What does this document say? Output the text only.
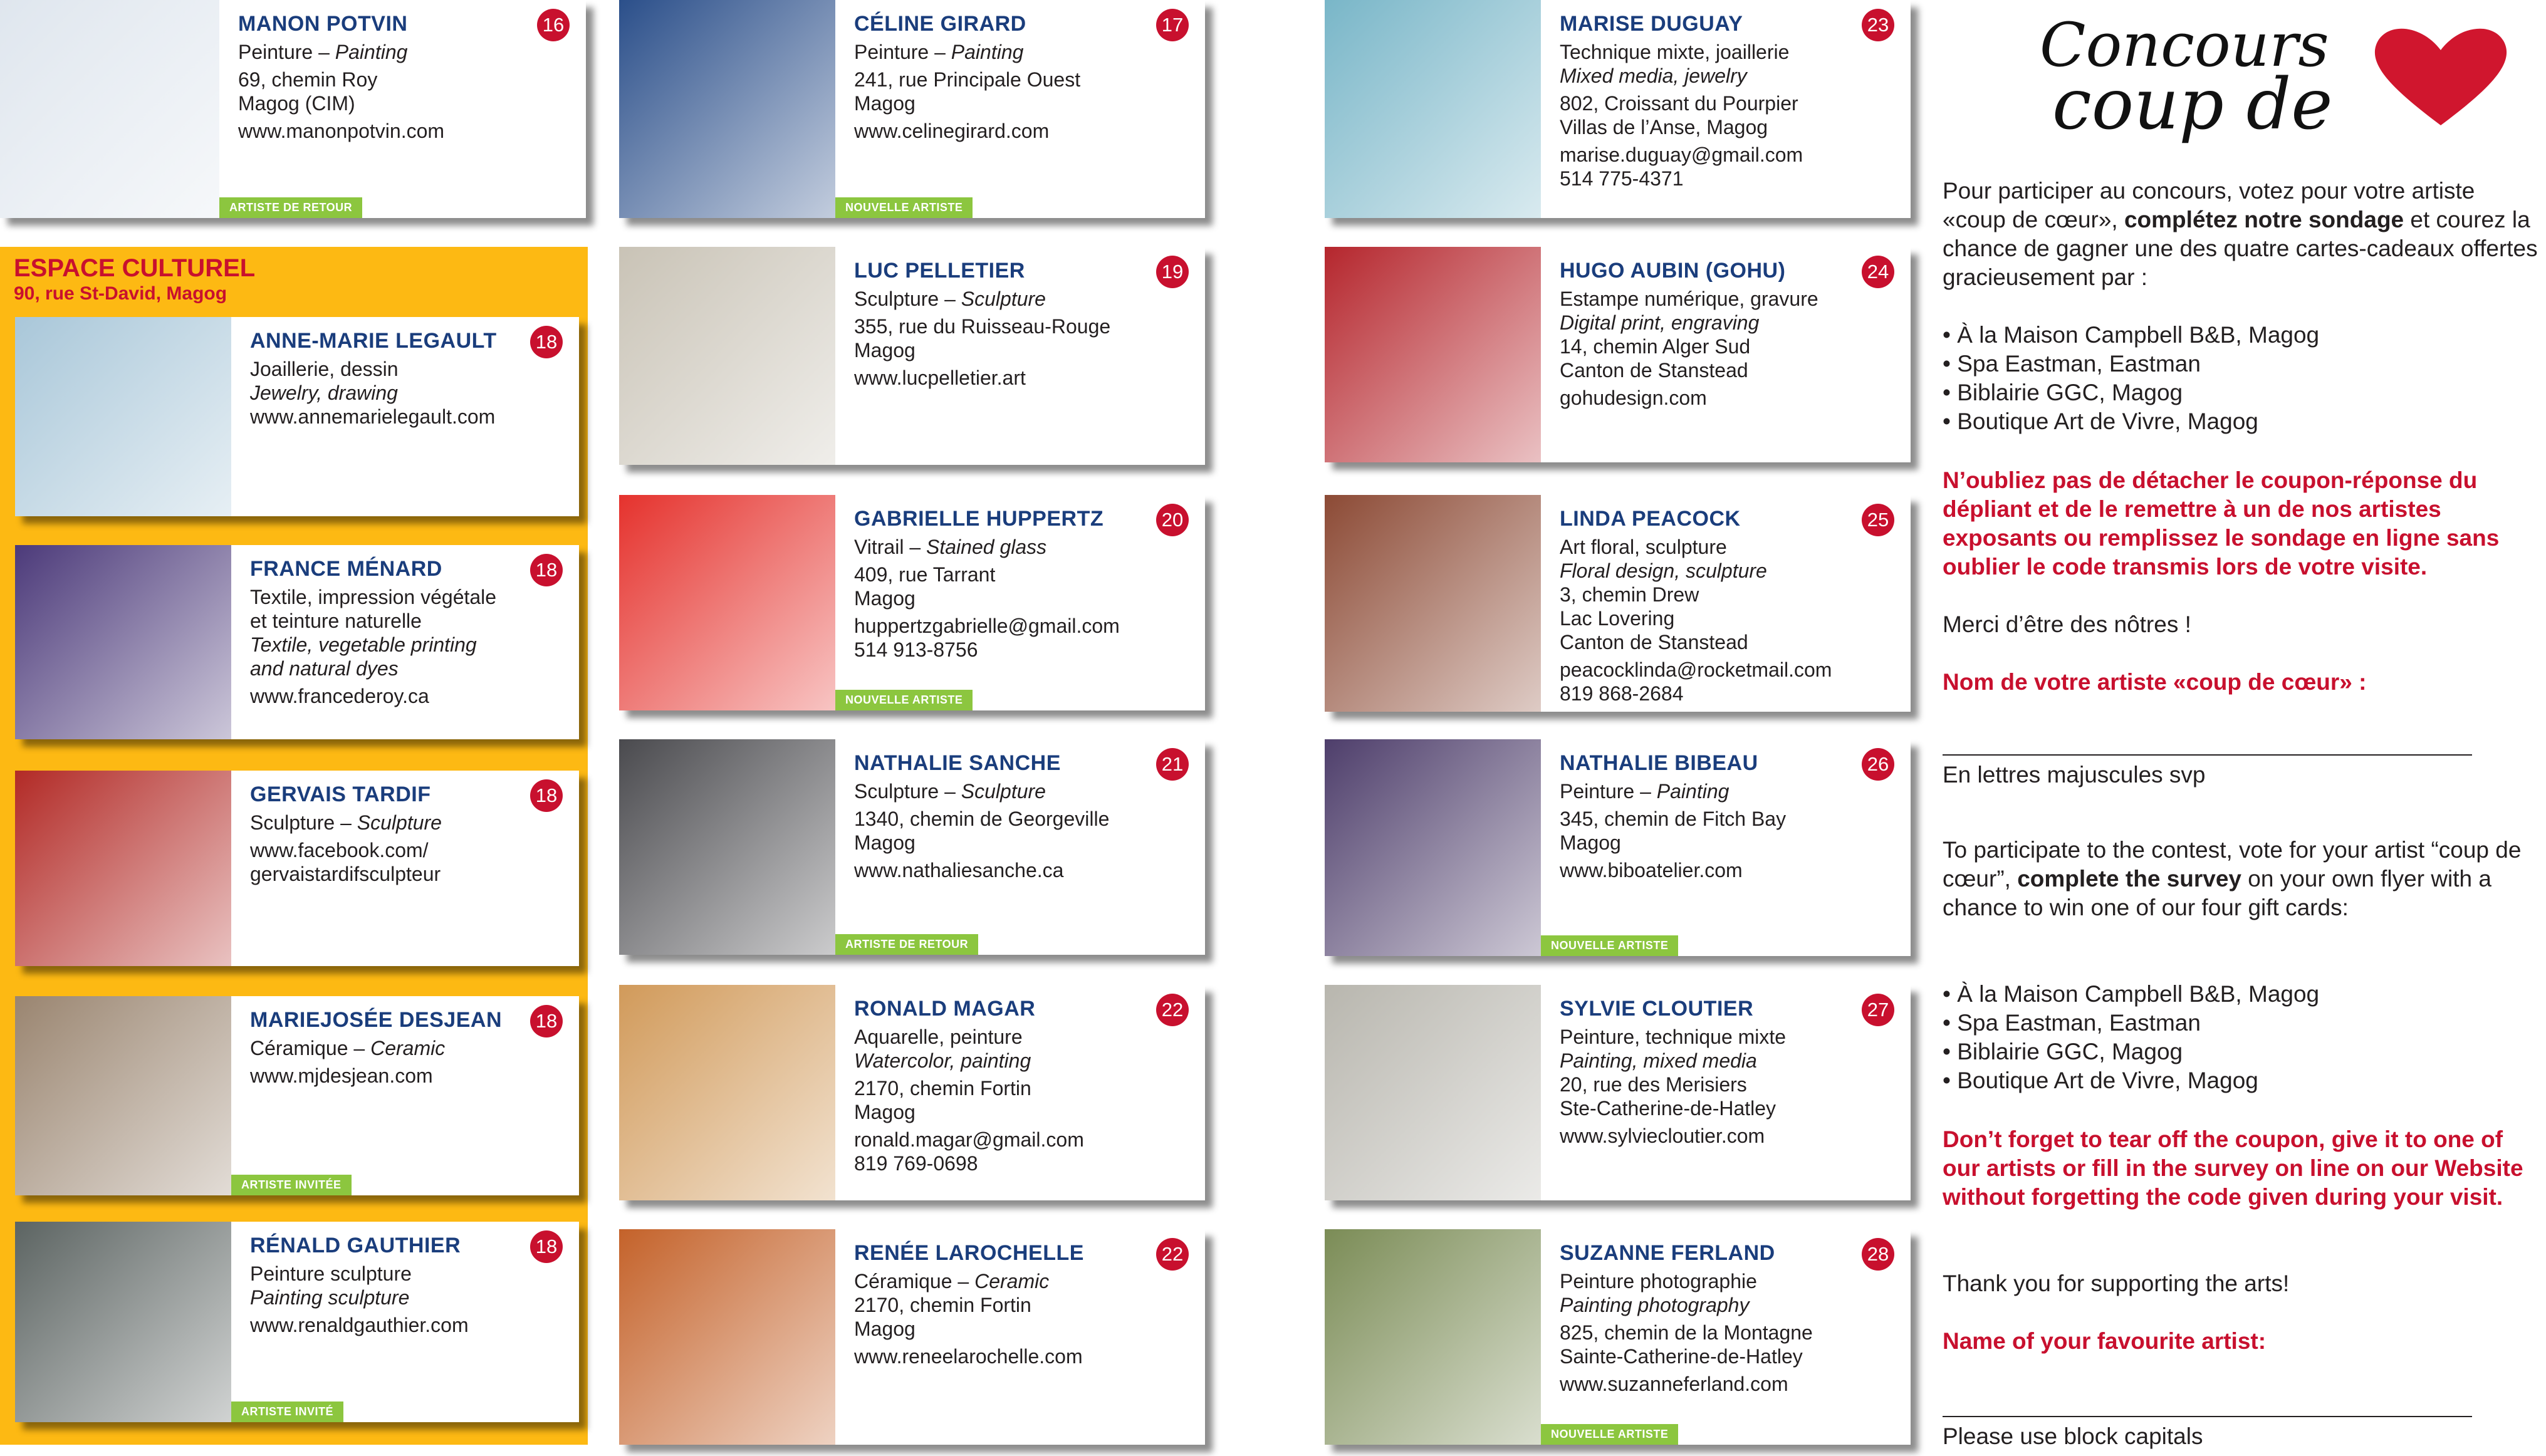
ESPACE CULTUREL
90, rue St-David, Magog
MANON POTVIN
Peinture – Painting
69, chemin Roy
Magog (CIM)
www.manonpotvin.com
16
ARTISTE DE RETOUR
CÉLINE GIRARD
Peinture – Painting
241, rue Principale Ouest
Magog
www.celinegirard.com
17
NOUVELLE ARTISTE
MARISE DUGUAY
Technique mixte, joaillerie
Mixed media, jewelry
802, Croissant du Pourpier
Villas de l’Anse, Magog
marise.duguay@gmail.com
514 775-4371
23
ANNE-MARIE LEGAULT
Joaillerie, dessin
Jewelry, drawing
www.annemarielegault.com
18
LUC PELLETIER
Sculpture – Sculpture
355, rue du Ruisseau-Rouge
Magog
www.lucpelletier.art
19	HUGO AUBIN (GOHU)
Estampe numérique, gravure
Digital print, engraving
14, chemin Alger Sud
Canton de Stanstead
gohudesign.com
24
LINDA PEACOCK
Art floral, sculpture
Floral design, sculpture
3, chemin Drew
Lac Lovering
Canton de Stanstead
peacocklinda@rocketmail.com
819 868-2684
25
FRANCE MÉNARD
Textile, impression végétale
et teinture naturelle
Textile, vegetable printing
and natural dyes
www.francederoy.ca
18
GABRIELLE HUPPERTZ
Vitrail – Stained glass
409, rue Tarrant
Magog
huppertzgabrielle@gmail.com
514 913-8756
20
NOUVELLE ARTISTE
NATHALIE SANCHE
Sculpture – Sculpture
1340, chemin de Georgeville
Magog
www.nathaliesanche.ca
21
ARTISTE DE RETOUR
NATHALIE BIBEAU
Peinture – Painting
345, chemin de Fitch Bay
Magog
www.biboatelier.com
26
NOUVELLE ARTISTE
GERVAIS TARDIF
Sculpture – Sculpture
www.facebook.com/
gervaistardifsculpteur
18
RONALD MAGAR
Aquarelle, peinture
Watercolor, painting
2170, chemin Fortin
Magog
ronald.magar@gmail.com
819 769-0698
22	SYLVIE CLOUTIER
Peinture, technique mixte
Painting, mixed media
20, rue des Merisiers
Ste-Catherine-de-Hatley
www.sylviecloutier.com
27
MARIEJOSÉE DESJEAN
Céramique – Ceramic
www.mjdesjean.com
18
ARTISTE INVITÉE
RENÉE LAROCHELLE
Céramique – Ceramic
2170, chemin Fortin
Magog
www.reneelarochelle.com
22	SUZANNE FERLAND
Peinture photographie
Painting photography
825, chemin de la Montagne
Sainte-Catherine-de-Hatley
www.suzanneferland.com
28
NOUVELLE ARTISTE
RÉNALD GAUTHIER
Peinture sculpture
Painting sculpture
www.renaldgauthier.com
18
ARTISTE INVITÉ
Concours
coup de

Pour participer au concours, votez pour votre artiste «coup de cœur», complétez notre sondage et courez la chance de gagner une des quatre cartes-cadeaux offertes gracieusement par :

• À la Maison Campbell B&B, Magog
• Spa Eastman, Eastman
• Biblairie GGC, Magog
• Boutique Art de Vivre, Magog

N’oubliez pas de détacher le coupon-réponse du dépliant et de le remettre à un de nos artistes exposants ou remplissez le sondage en ligne sans oublier le code transmis lors de votre visite.

Merci d’être des nôtres !

Nom de votre artiste «coup de cœur» :

En lettres majuscules svp

To participate to the contest, vote for your artist “coup de cœur”, complete the survey on your own flyer with a chance to win one of our four gift cards:

• À la Maison Campbell B&B, Magog
• Spa Eastman, Eastman
• Biblairie GGC, Magog
• Boutique Art de Vivre, Magog

Don’t forget to tear off the coupon, give it to one of our artists or fill in the survey on line on our Website without forgetting the code given during your visit.

Thank you for supporting the arts!

Name of your favourite artist:

Please use block capitals
